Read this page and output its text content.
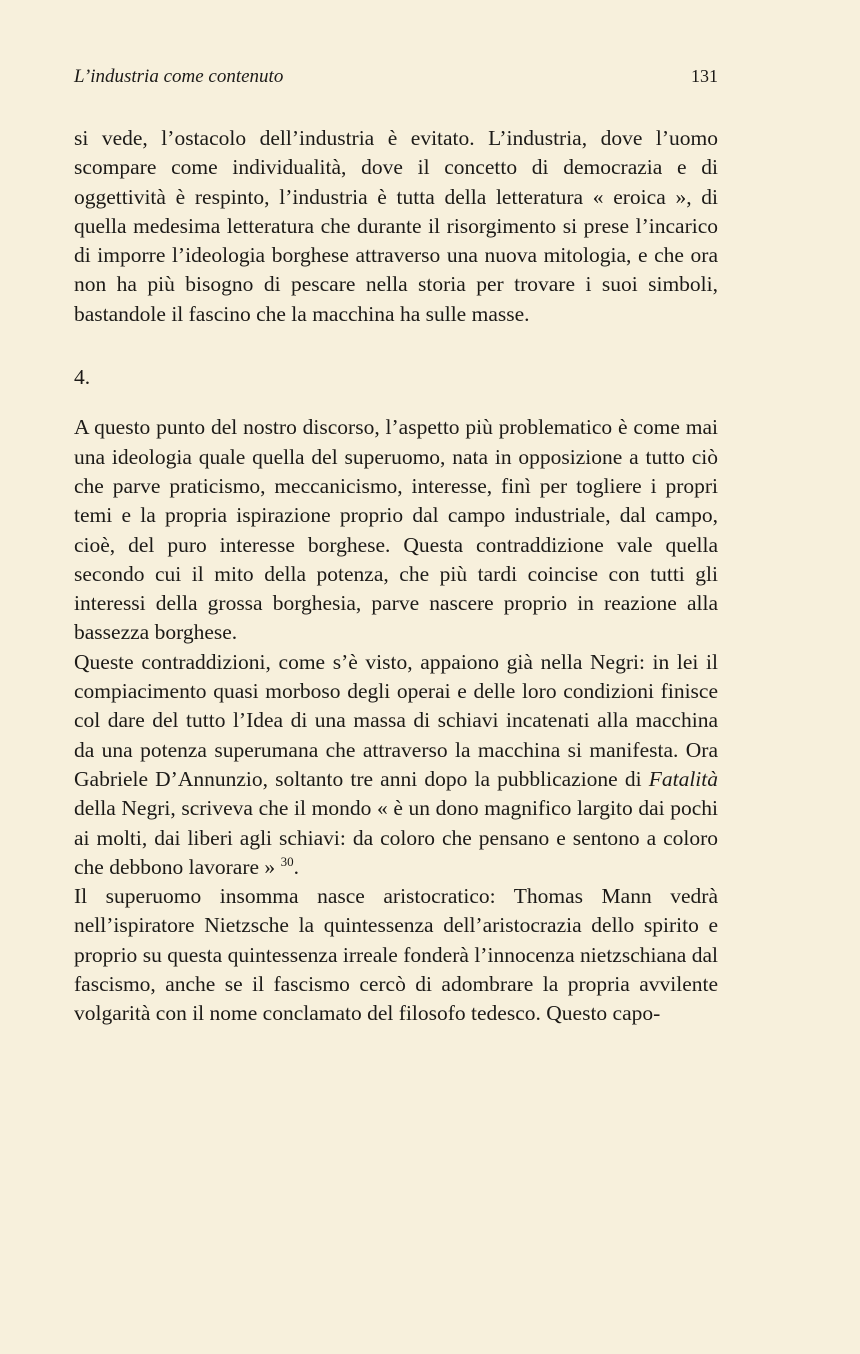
L’industria come contenuto	131

si vede, l’ostacolo dell’industria è evitato. L’industria, dove l’uomo scompare come individualità, dove il concetto di democrazia e di oggettività è respinto, l’industria è tutta della letteratura « eroica », di quella medesima letteratura che durante il risorgimento si prese l’incarico di imporre l’ideologia borghese attraverso una nuova mitologia, e che ora non ha più bisogno di pescare nella storia per trovare i suoi simboli, bastandole il fascino che la macchina ha sulle masse.

4.

A questo punto del nostro discorso, l’aspetto più problematico è come mai una ideologia quale quella del superuomo, nata in opposizione a tutto ciò che parve praticismo, meccanicismo, interesse, finì per togliere i propri temi e la propria ispirazione proprio dal campo industriale, dal campo, cioè, del puro interesse borghese. Questa contraddizione vale quella secondo cui il mito della potenza, che più tardi coincise con tutti gli interessi della grossa borghesia, parve nascere proprio in reazione alla bassezza borghese.

Queste contraddizioni, come s’è visto, appaiono già nella Negri: in lei il compiacimento quasi morboso degli operai e delle loro condizioni finisce col dare del tutto l’Idea di una massa di schiavi incatenati alla macchina da una potenza superumana che attraverso la macchina si manifesta. Ora Gabriele D’Annunzio, soltanto tre anni dopo la pubblicazione di Fatalità della Negri, scriveva che il mondo « è un dono magnifico largito dai pochi ai molti, dai liberi agli schiavi: da coloro che pensano e sentono a coloro che debbono lavorare » $^{30}$.

Il superuomo insomma nasce aristocratico: Thomas Mann vedrà nell’ispiratore Nietzsche la quintessenza dell’aristocrazia dello spirito e proprio su questa quintessenza irreale fonderà l’innocenza nietzschiana dal fascismo, anche se il fascismo cercò di adombrare la propria avvilente volgarità con il nome conclamato del filosofo tedesco. Questo capo-
